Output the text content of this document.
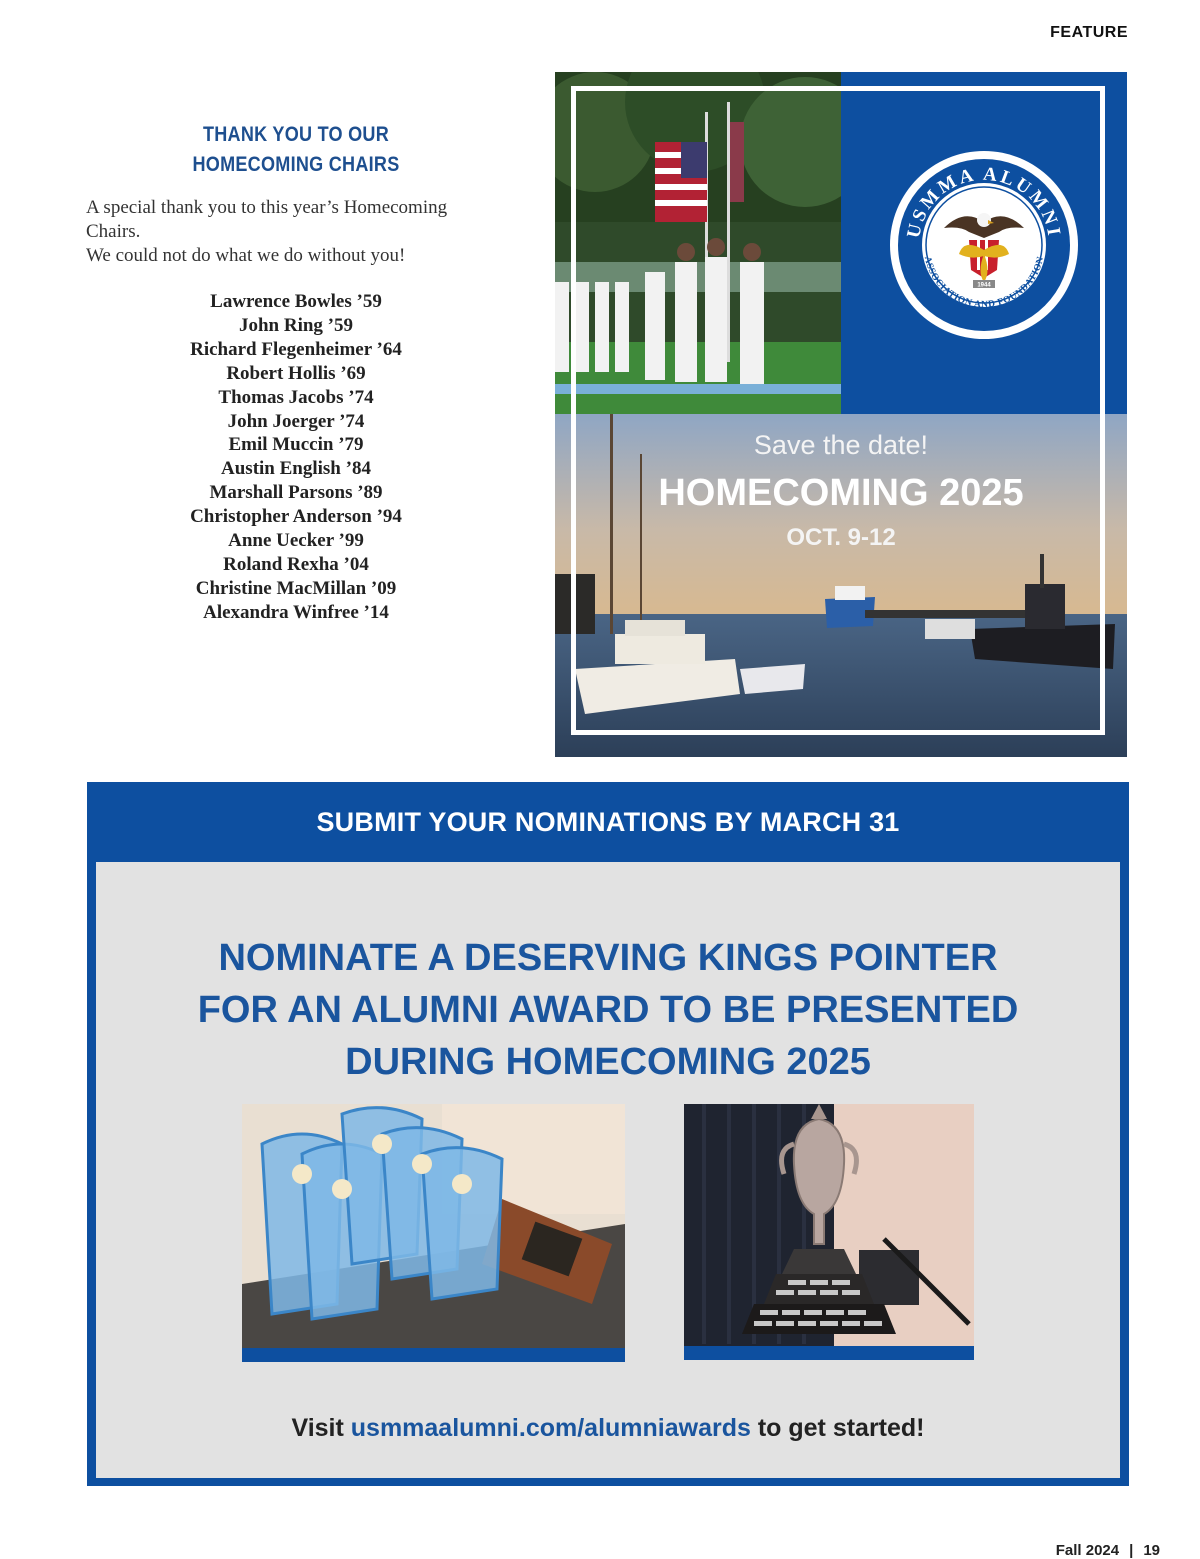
FEATURE
THANK YOU TO OUR
HOMECOMING CHAIRS

A special thank you to this year’s Homecoming Chairs.
We could not do what we do without you!

Lawrence Bowles ’59
John Ring ’59
Richard Flegenheimer ’64
Robert Hollis ’69
Thomas Jacobs ’74
John Joerger ’74
Emil Muccin ’79
Austin English ’84
Marshall Parsons ’89
Christopher Anderson ’94
Anne Uecker ’99
Roland Rexha ’04
Christine MacMillan ’09
Alexandra Winfree ’14
USMMA ALUMNI
ASSOCIATION AND FOUNDATION
1944
Save the date!
HOMECOMING 2025
OCT. 9-12
SUBMIT YOUR NOMINATIONS BY MARCH 31
NOMINATE A DESERVING KINGS POINTER
FOR AN ALUMNI AWARD TO BE PRESENTED
DURING HOMECOMING 2025
Visit usmmaalumni.com/alumniawards to get started!
Fall 2024 | 19
